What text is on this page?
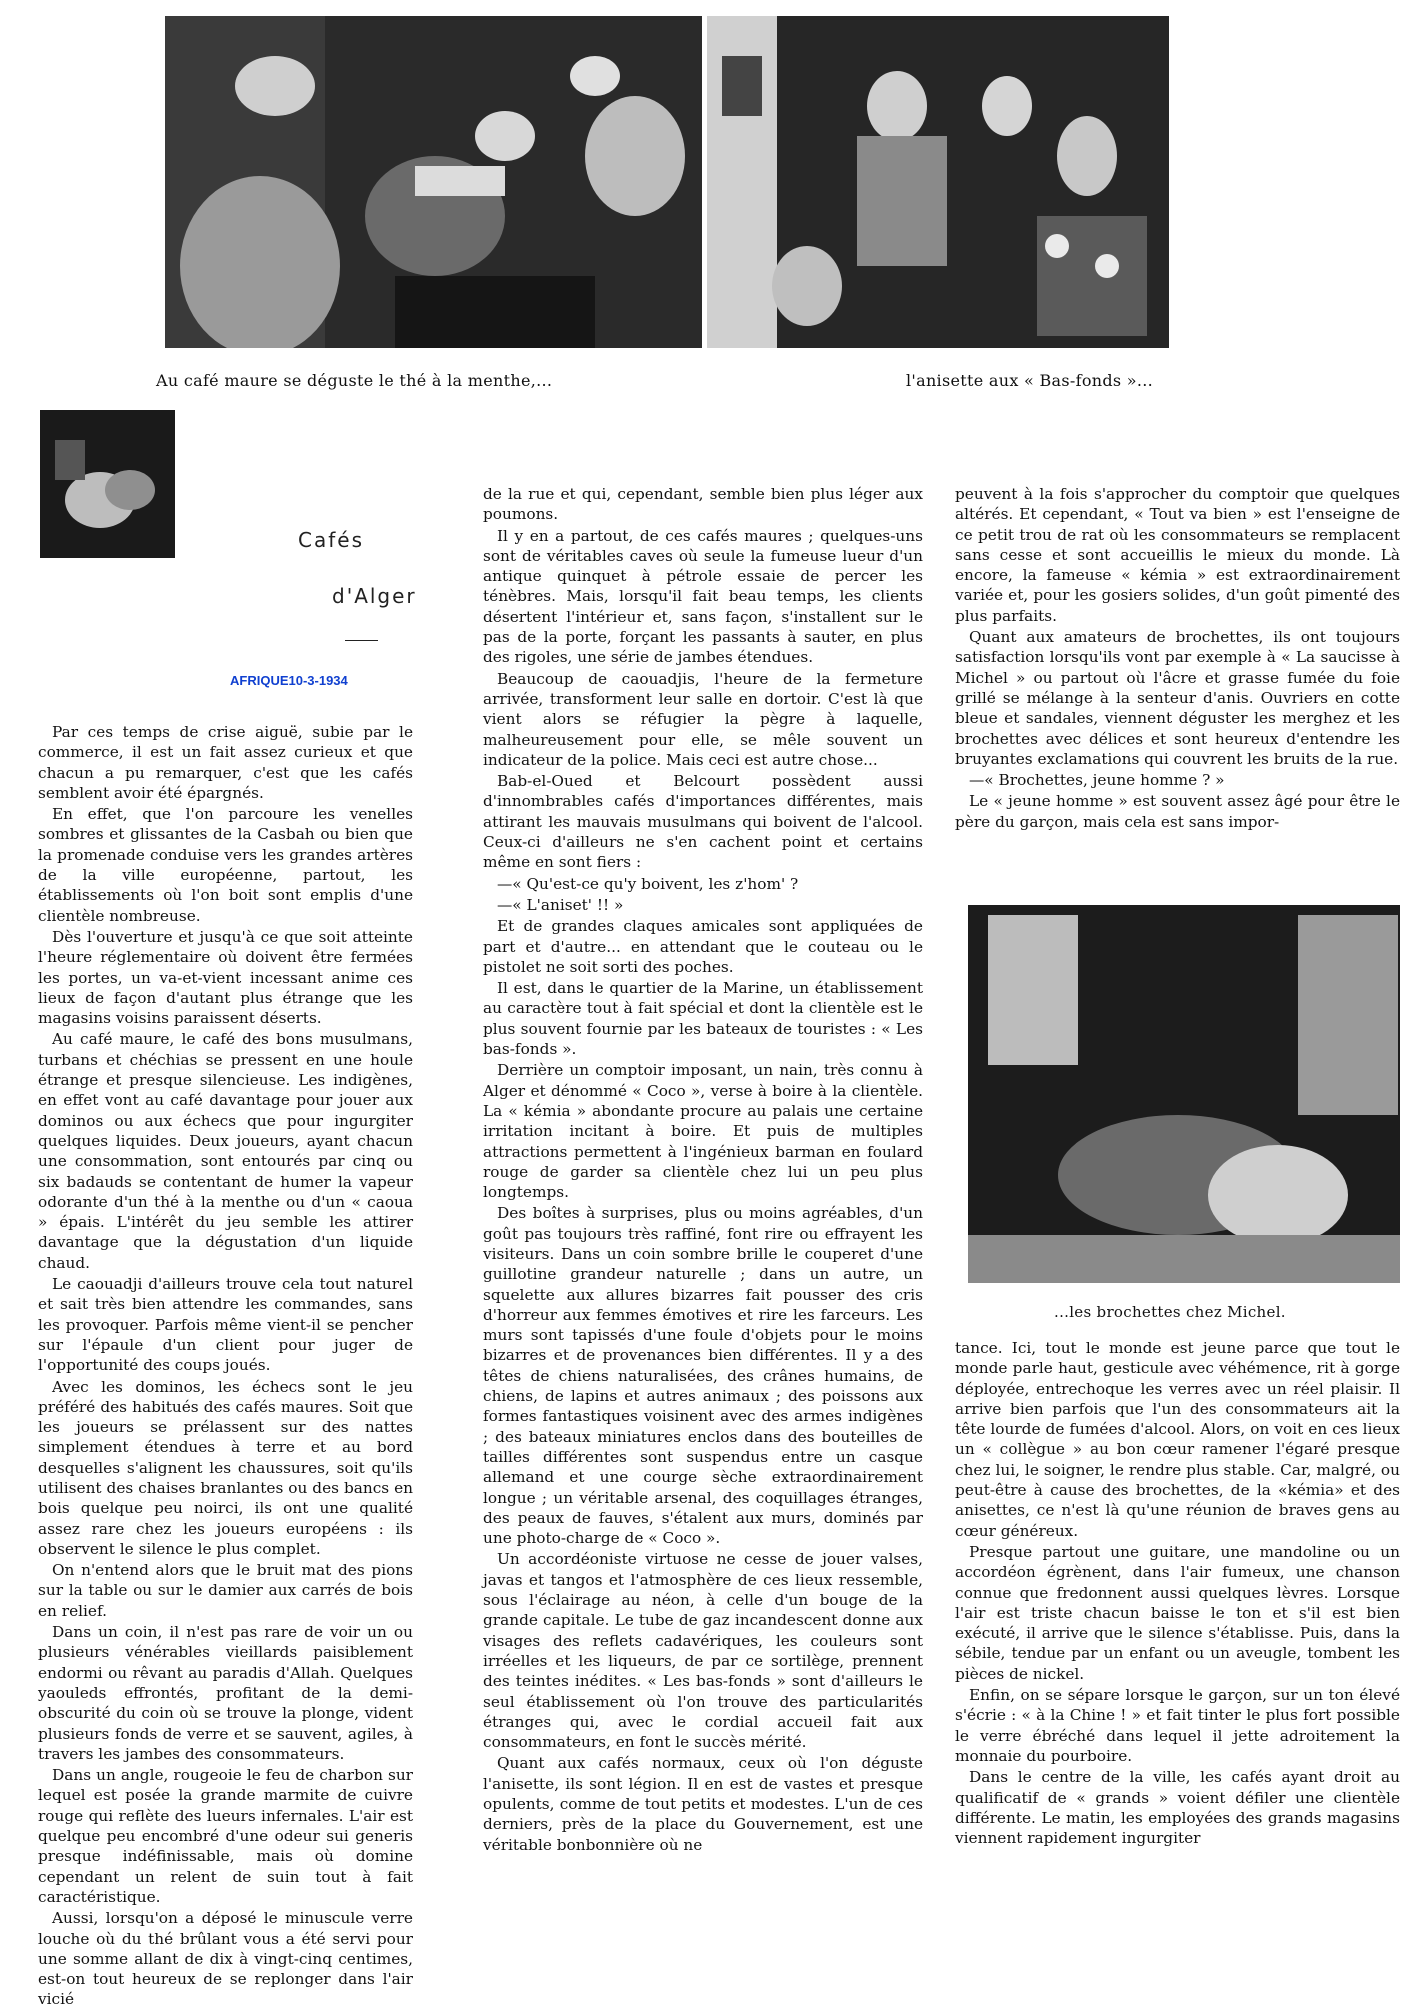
Au café maure se déguste le thé à la menthe,...	l'anisette aux « Bas-fonds »...
Cafés
d'Alger
AFRIQUE10-3-1934

Par ces temps de crise aiguë, subie par le commerce, il est un fait assez curieux et que chacun a pu remarquer, c'est que les cafés semblent avoir été épargnés.

En effet, que l'on parcoure les venelles sombres et glissantes de la Casbah ou bien que la promenade conduise vers les grandes artères de la ville européenne, partout, les établissements où l'on boit sont emplis d'une clientèle nombreuse.

Dès l'ouverture et jusqu'à ce que soit atteinte l'heure réglementaire où doivent être fermées les portes, un va-et-vient incessant anime ces lieux de façon d'autant plus étrange que les magasins voisins paraissent déserts.

Au café maure, le café des bons musulmans, turbans et chéchias se pressent en une houle étrange et presque silencieuse. Les indigènes, en effet vont au café davantage pour jouer aux dominos ou aux échecs que pour ingurgiter quelques liquides. Deux joueurs, ayant chacun une consommation, sont entourés par cinq ou six badauds se contentant de humer la vapeur odorante d'un thé à la menthe ou d'un « caoua » épais. L'intérêt du jeu semble les attirer davantage que la dégustation d'un liquide chaud.

Le caouadji d'ailleurs trouve cela tout naturel et sait très bien attendre les commandes, sans les provoquer. Parfois même vient-il se pencher sur l'épaule d'un client pour juger de l'opportunité des coups joués.

Avec les dominos, les échecs sont le jeu préféré des habitués des cafés maures. Soit que les joueurs se prélassent sur des nattes simplement étendues à terre et au bord desquelles s'alignent les chaussures, soit qu'ils utilisent des chaises branlantes ou des bancs en bois quelque peu noirci, ils ont une qualité assez rare chez les joueurs européens : ils observent le silence le plus complet.

On n'entend alors que le bruit mat des pions sur la table ou sur le damier aux carrés de bois en relief.

Dans un coin, il n'est pas rare de voir un ou plusieurs vénérables vieillards paisiblement endormi ou rêvant au paradis d'Allah. Quelques yaouleds effrontés, profitant de la demi-obscurité du coin où se trouve la plonge, vident plusieurs fonds de verre et se sauvent, agiles, à travers les jambes des consommateurs.

Dans un angle, rougeoie le feu de charbon sur lequel est posée la grande marmite de cuivre rouge qui reflète des lueurs infernales. L'air est quelque peu encombré d'une odeur sui generis presque indéfinissable, mais où domine cependant un relent de suin tout à fait caractéristique.

Aussi, lorsqu'on a déposé le minuscule verre louche où du thé brûlant vous a été servi pour une somme allant de dix à vingt-cinq centimes, est-on tout heureux de se replonger dans l'air vicié

de la rue et qui, cependant, semble bien plus léger aux poumons.

Il y en a partout, de ces cafés maures ; quelques-uns sont de véritables caves où seule la fumeuse lueur d'un antique quinquet à pétrole essaie de percer les ténèbres. Mais, lorsqu'il fait beau temps, les clients désertent l'intérieur et, sans façon, s'installent sur le pas de la porte, forçant les passants à sauter, en plus des rigoles, une série de jambes étendues.

Beaucoup de caouadjis, l'heure de la fermeture arrivée, transforment leur salle en dortoir. C'est là que vient alors se réfugier la pègre à laquelle, malheureusement pour elle, se mêle souvent un indicateur de la police. Mais ceci est autre chose...

Bab-el-Oued et Belcourt possèdent aussi d'innombrables cafés d'importances différentes, mais attirant les mauvais musulmans qui boivent de l'alcool. Ceux-ci d'ailleurs ne s'en cachent point et certains même en sont fiers :

—« Qu'est-ce qu'y boivent, les z'hom' ?

—« L'aniset' !! »

Et de grandes claques amicales sont appliquées de part et d'autre... en attendant que le couteau ou le pistolet ne soit sorti des poches.

Il est, dans le quartier de la Marine, un établissement au caractère tout à fait spécial et dont la clientèle est le plus souvent fournie par les bateaux de touristes : « Les bas-fonds ».

Derrière un comptoir imposant, un nain, très connu à Alger et dénommé « Coco », verse à boire à la clientèle. La « kémia » abondante procure au palais une certaine irritation incitant à boire. Et puis de multiples attractions permettent à l'ingénieux barman en foulard rouge de garder sa clientèle chez lui un peu plus longtemps.

Des boîtes à surprises, plus ou moins agréables, d'un goût pas toujours très raffiné, font rire ou effrayent les visiteurs. Dans un coin sombre brille le couperet d'une guillotine grandeur naturelle ; dans un autre, un squelette aux allures bizarres fait pousser des cris d'horreur aux femmes émotives et rire les farceurs. Les murs sont tapissés d'une foule d'objets pour le moins bizarres et de provenances bien différentes. Il y a des têtes de chiens naturalisées, des crânes humains, de chiens, de lapins et autres animaux ; des poissons aux formes fantastiques voisinent avec des armes indigènes ; des bateaux miniatures enclos dans des bouteilles de tailles différentes sont suspendus entre un casque allemand et une courge sèche extraordinairement longue ; un véritable arsenal, des coquillages étranges, des peaux de fauves, s'étalent aux murs, dominés par une photo-charge de « Coco ».

Un accordéoniste virtuose ne cesse de jouer valses, javas et tangos et l'atmosphère de ces lieux ressemble, sous l'éclairage au néon, à celle d'un bouge de la grande capitale. Le tube de gaz incandescent donne aux visages des reflets cadavériques, les couleurs sont irréelles et les liqueurs, de par ce sortilège, prennent des teintes inédites. « Les bas-fonds » sont d'ailleurs le seul établissement où l'on trouve des particularités étranges qui, avec le cordial accueil fait aux consommateurs, en font le succès mérité.

Quant aux cafés normaux, ceux où l'on déguste l'anisette, ils sont légion. Il en est de vastes et presque opulents, comme de tout petits et modestes. L'un de ces derniers, près de la place du Gouvernement, est une véritable bonbonnière où ne

peuvent à la fois s'approcher du comptoir que quelques altérés. Et cependant, « Tout va bien » est l'enseigne de ce petit trou de rat où les consommateurs se remplacent sans cesse et sont accueillis le mieux du monde. Là encore, la fameuse « kémia » est extraordinairement variée et, pour les gosiers solides, d'un goût pimenté des plus parfaits.

Quant aux amateurs de brochettes, ils ont toujours satisfaction lorsqu'ils vont par exemple à « La saucisse à Michel » ou partout où l'âcre et grasse fumée du foie grillé se mélange à la senteur d'anis. Ouvriers en cotte bleue et sandales, viennent déguster les merghez et les brochettes avec délices et sont heureux d'entendre les bruyantes exclamations qui couvrent les bruits de la rue.

—« Brochettes, jeune homme ? »

Le « jeune homme » est souvent assez âgé pour être le père du garçon, mais cela est sans impor-

...les brochettes chez Michel.

tance. Ici, tout le monde est jeune parce que tout le monde parle haut, gesticule avec véhémence, rit à gorge déployée, entrechoque les verres avec un réel plaisir. Il arrive bien parfois que l'un des consommateurs ait la tête lourde de fumées d'alcool. Alors, on voit en ces lieux un « collègue » au bon cœur ramener l'égaré presque chez lui, le soigner, le rendre plus stable. Car, malgré, ou peut-être à cause des brochettes, de la «kémia» et des anisettes, ce n'est là qu'une réunion de braves gens au cœur généreux.

Presque partout une guitare, une mandoline ou un accordéon égrènent, dans l'air fumeux, une chanson connue que fredonnent aussi quelques lèvres. Lorsque l'air est triste chacun baisse le ton et s'il est bien exécuté, il arrive que le silence s'établisse. Puis, dans la sébile, tendue par un enfant ou un aveugle, tombent les pièces de nickel.

Enfin, on se sépare lorsque le garçon, sur un ton élevé s'écrie : « à la Chine ! » et fait tinter le plus fort possible le verre ébréché dans lequel il jette adroitement la monnaie du pourboire.

Dans le centre de la ville, les cafés ayant droit au qualificatif de « grands » voient défiler une clientèle différente. Le matin, les employées des grands magasins viennent rapidement ingurgiter
